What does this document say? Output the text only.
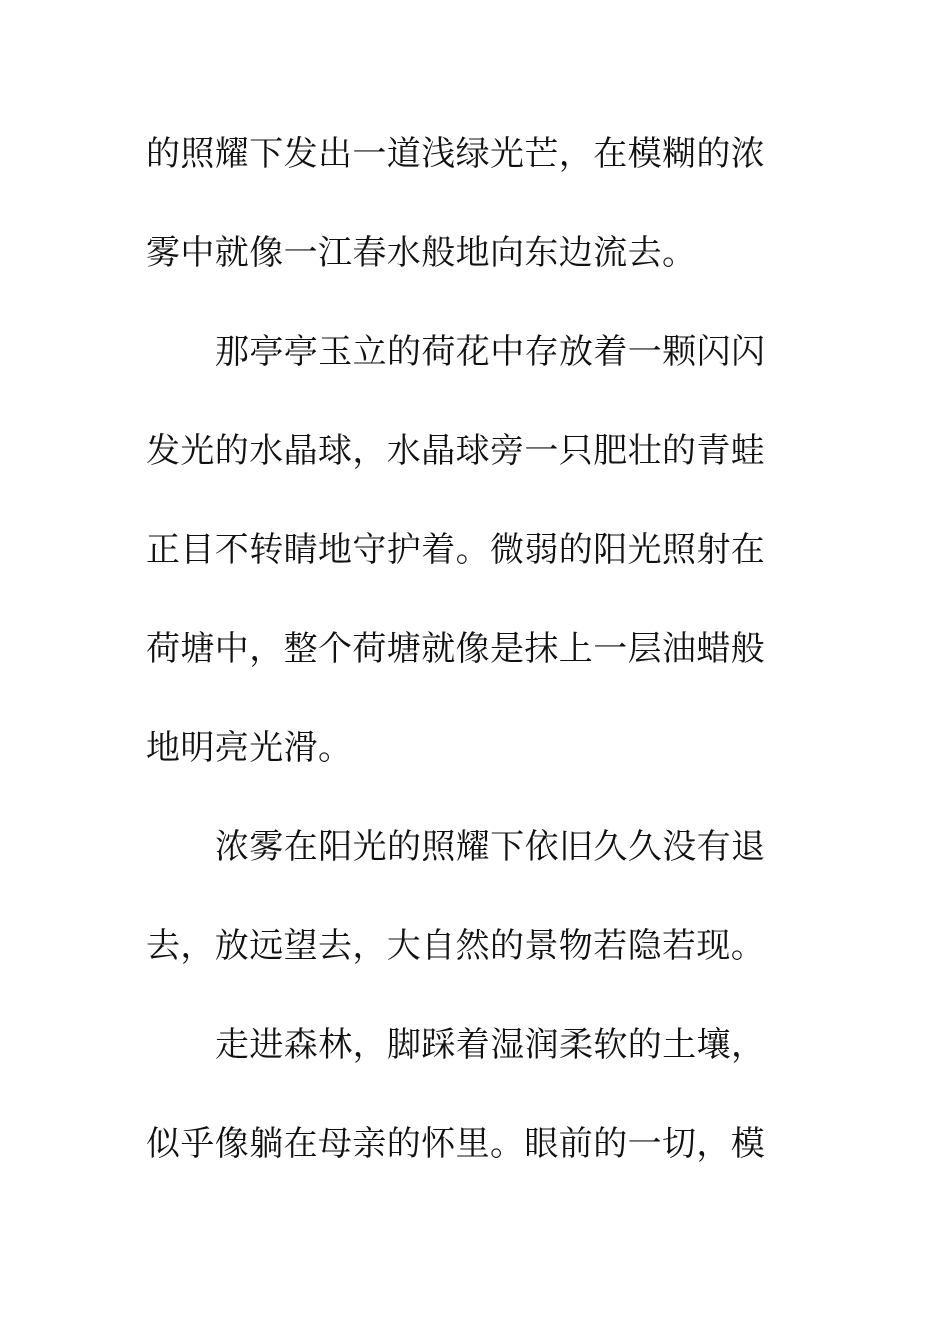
的照耀下发出一道浅绿光芒，在模糊的浓
雾中就像一江春水般地向东边流去。
那亭亭玉立的荷花中存放着一颗闪闪
发光的水晶球，水晶球旁一只肥壮的青蛙
正目不转睛地守护着。微弱的阳光照射在
荷塘中，整个荷塘就像是抹上一层油蜡般
地明亮光滑。
浓雾在阳光的照耀下依旧久久没有退
去，放远望去，大自然的景物若隐若现。
走进森林，脚踩着湿润柔软的土壤，
似乎像躺在母亲的怀里。眼前的一切，模
